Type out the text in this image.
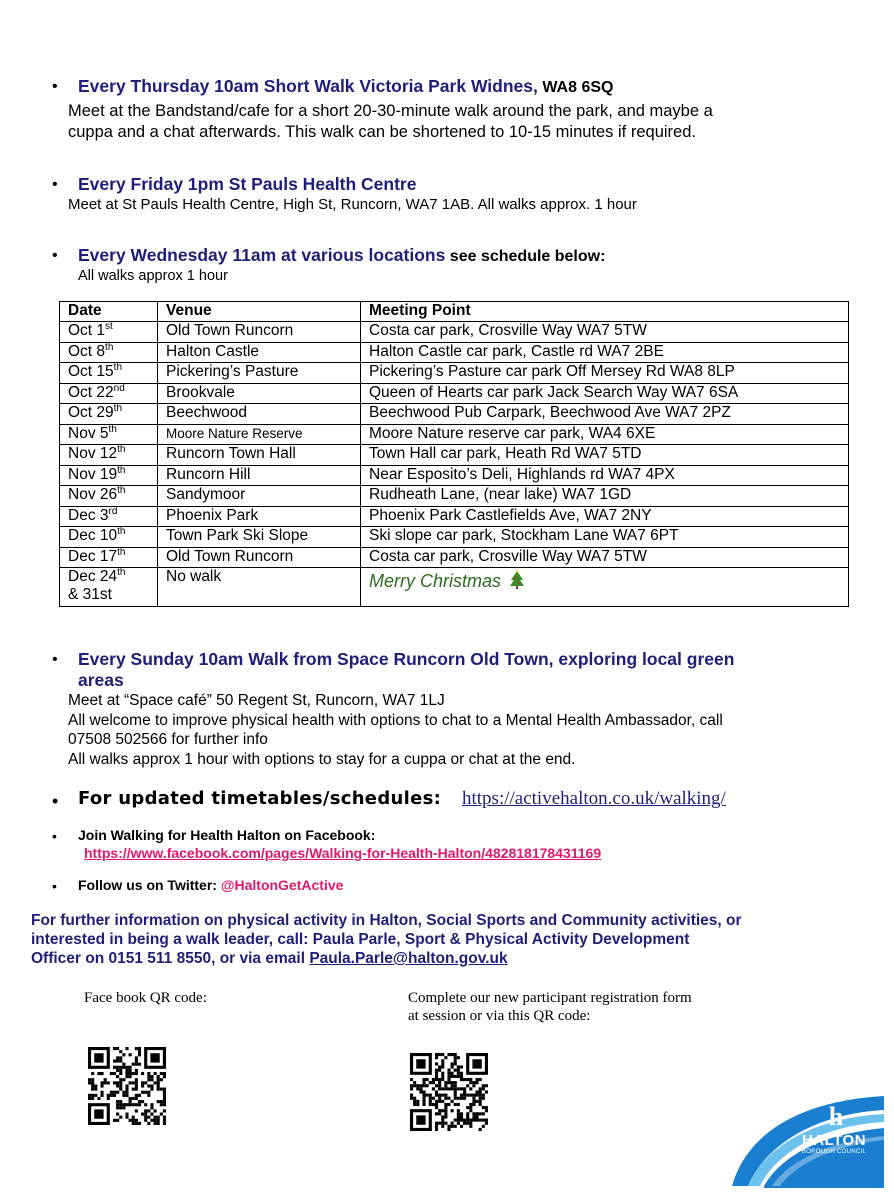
• Every Thursday 10am Short Walk Victoria Park Widnes, WA8 6SQ
Meet at the Bandstand/cafe for a short 20-30-minute walk around the park, and maybe a
cuppa and a chat afterwards. This walk can be shortened to 10-15 minutes if required.
• Every Friday 1pm St Pauls Health Centre
Meet at St Pauls Health Centre, High St, Runcorn, WA7 1AB. All walks approx. 1 hour
• Every Wednesday 11am at various locations see schedule below:
All walks approx 1 hour
Date	Venue	Meeting Point
Oct 1st	Old Town Runcorn	Costa car park, Crosville Way WA7 5TW
Oct 8th	Halton Castle	Halton Castle car park, Castle rd WA7 2BE
Oct 15th	Pickering’s Pasture	Pickering’s Pasture car park Off Mersey Rd WA8 8LP
Oct 22nd	Brookvale	Queen of Hearts car park Jack Search Way WA7 6SA
Oct 29th	Beechwood	Beechwood Pub Carpark, Beechwood Ave WA7 2PZ
Nov 5th	Moore Nature Reserve	Moore Nature reserve car park, WA4 6XE
Nov 12th	Runcorn Town Hall	Town Hall car park, Heath Rd WA7 5TD
Nov 19th	Runcorn Hill	Near Esposito’s Deli, Highlands rd WA7 4PX
Nov 26th	Sandymoor	Rudheath Lane, (near lake) WA7 1GD
Dec 3rd	Phoenix Park	Phoenix Park Castlefields Ave, WA7 2NY
Dec 10th	Town Park Ski Slope	Ski slope car park, Stockham Lane WA7 6PT
Dec 17th	Old Town Runcorn	Costa car park, Crosville Way WA7 5TW
Dec 24th
& 31st	No walk	Merry Christmas
• Every Sunday 10am Walk from Space Runcorn Old Town, exploring local green
areas
Meet at “Space café” 50 Regent St, Runcorn, WA7 1LJ
All welcome to improve physical health with options to chat to a Mental Health Ambassador, call
07508 502566 for further info
All walks approx 1 hour with options to stay for a cuppa or chat at the end.
• For updated timetables/schedules: https://activehalton.co.uk/walking/
• Join Walking for Health Halton on Facebook:
https://www.facebook.com/pages/Walking-for-Health-Halton/482818178431169
• Follow us on Twitter: @HaltonGetActive
For further information on physical activity in Halton, Social Sports and Community activities, or
interested in being a walk leader, call: Paula Parle, Sport & Physical Activity Development
Officer on 0151 511 8550, or via email Paula.Parle@halton.gov.uk
Face book QR code:	Complete our new participant registration form
at session or via this QR code:
h
HALTON
BOROUGH COUNCIL
